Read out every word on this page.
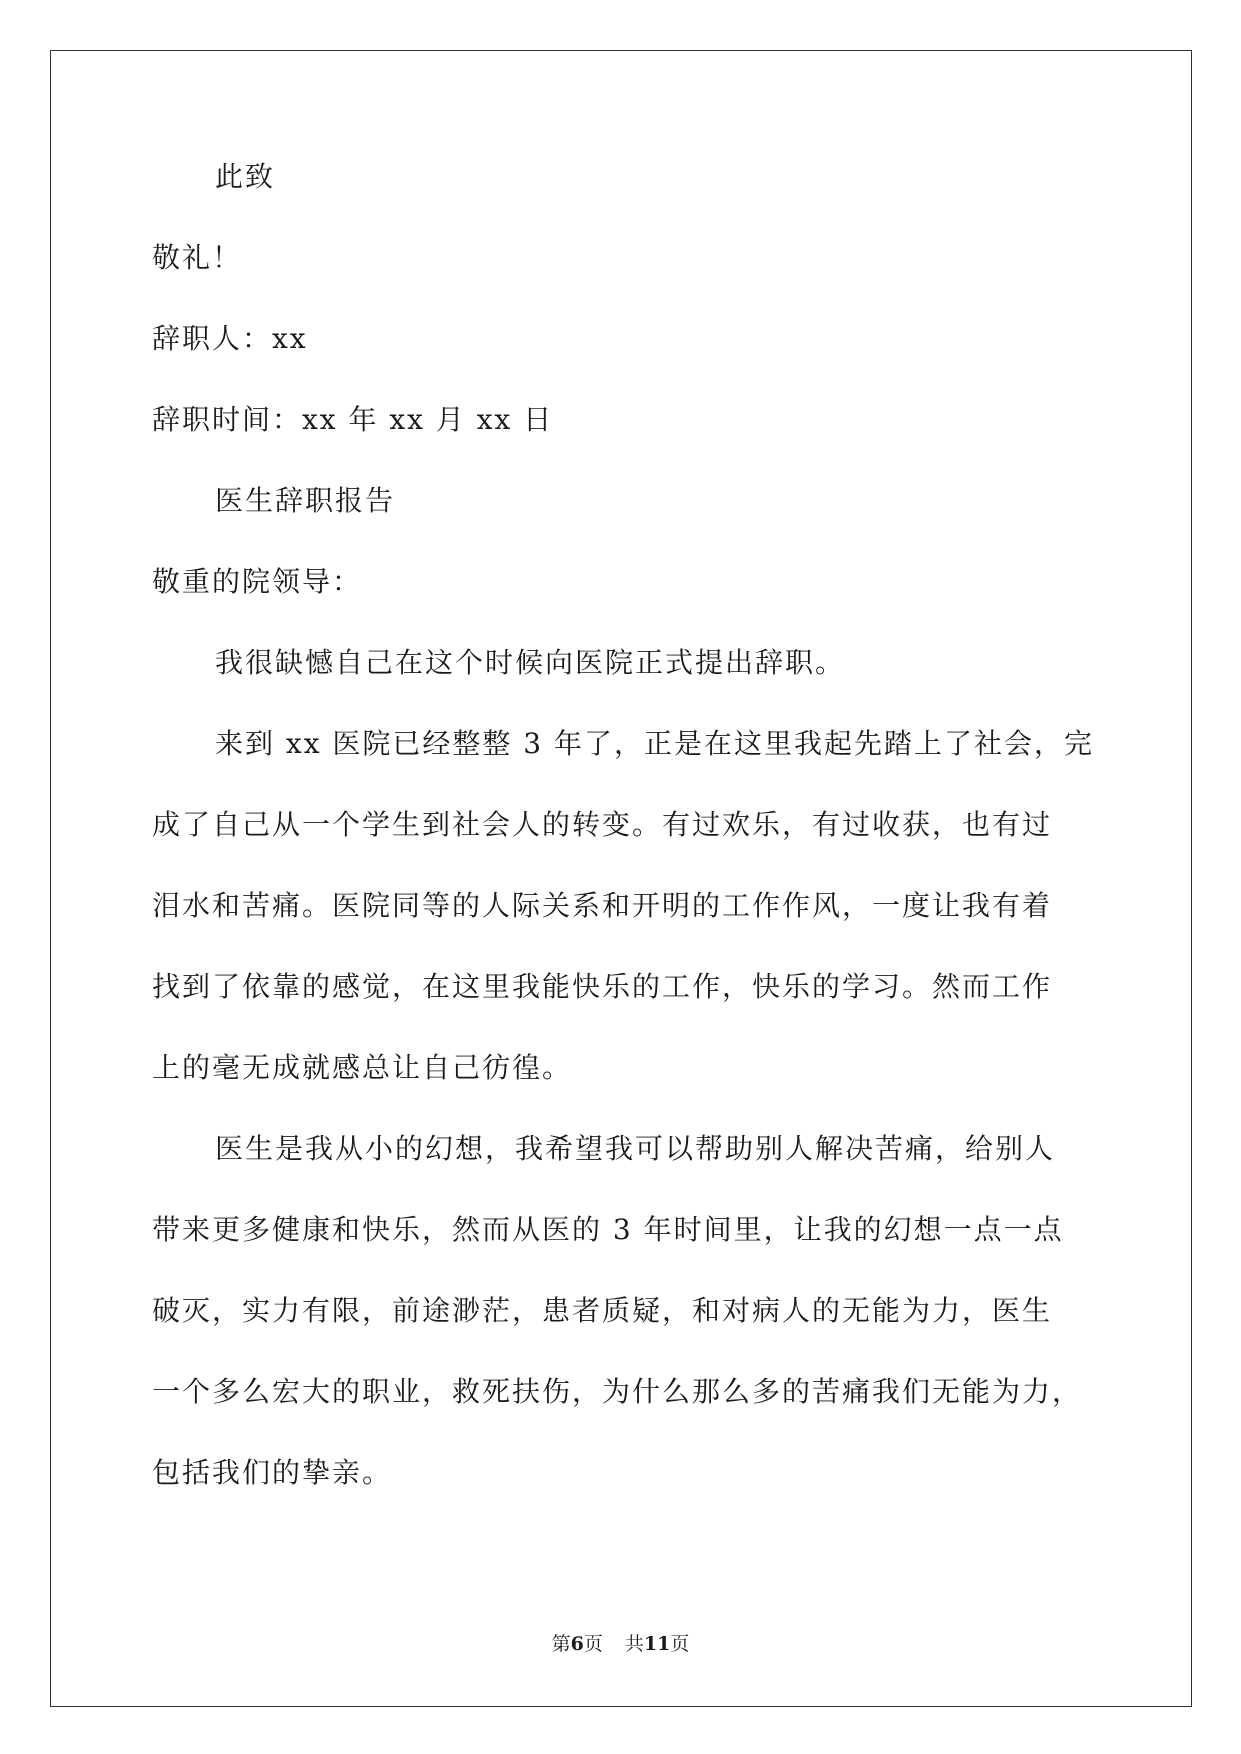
此致
敬礼！
辞职人：xx
辞职时间：xx 年 xx 月 xx 日
医生辞职报告
敬重的院领导：
我很缺憾自己在这个时候向医院正式提出辞职。
来到 xx 医院已经整整 3 年了，正是在这里我起先踏上了社会，完
成了自己从一个学生到社会人的转变。有过欢乐，有过收获，也有过
泪水和苦痛。医院同等的人际关系和开明的工作作风，一度让我有着
找到了依靠的感觉，在这里我能快乐的工作，快乐的学习。然而工作
上的毫无成就感总让自己彷徨。
医生是我从小的幻想，我希望我可以帮助别人解决苦痛，给别人
带来更多健康和快乐，然而从医的 3 年时间里，让我的幻想一点一点
破灭，实力有限，前途渺茫，患者质疑，和对病人的无能为力，医生
一个多么宏大的职业，救死扶伤，为什么那么多的苦痛我们无能为力，
包括我们的挚亲。
第6页 共11页
